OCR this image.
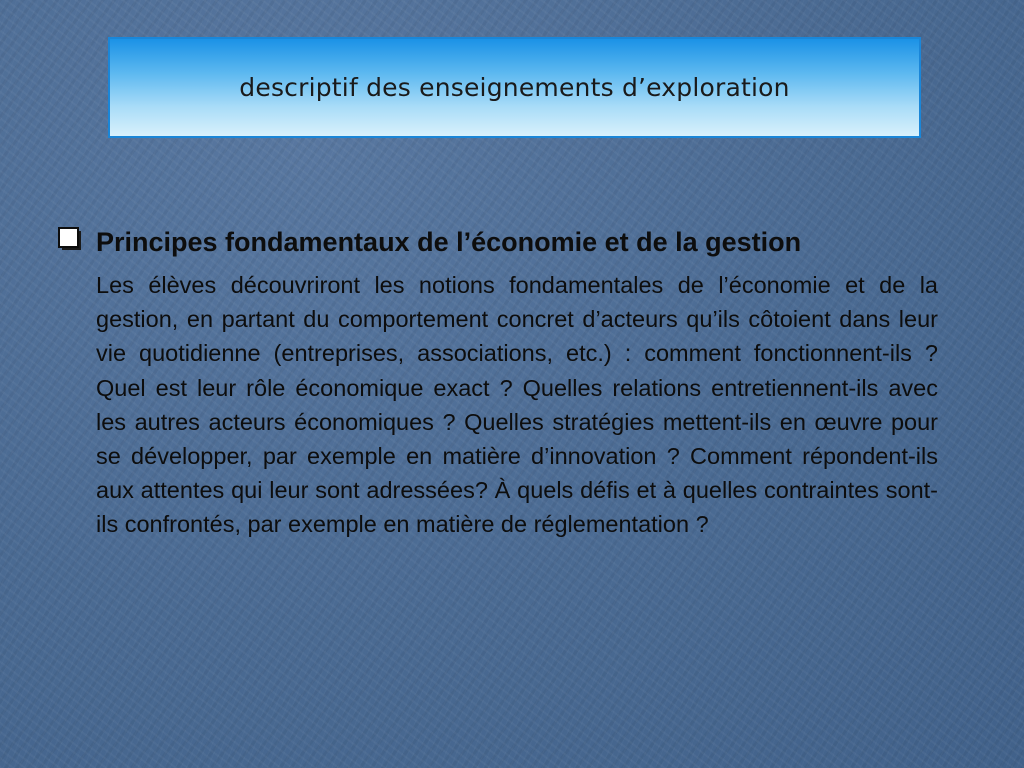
descriptif des enseignements d’exploration
Principes fondamentaux de l’économie et de la gestion
Les élèves découvriront les notions fondamentales de l’économie et de la gestion, en partant du comportement concret d’acteurs qu’ils côtoient dans leur vie quotidienne (entreprises, associations, etc.) : comment fonctionnent-ils ? Quel est leur rôle économique exact ? Quelles relations entretiennent-ils avec les autres acteurs économiques ? Quelles stratégies mettent-ils en œuvre pour se développer, par exemple en matière d’innovation ? Comment répondent-ils aux attentes qui leur sont adressées? À quels défis et à quelles contraintes sont-ils confrontés, par exemple en matière de réglementation ?
